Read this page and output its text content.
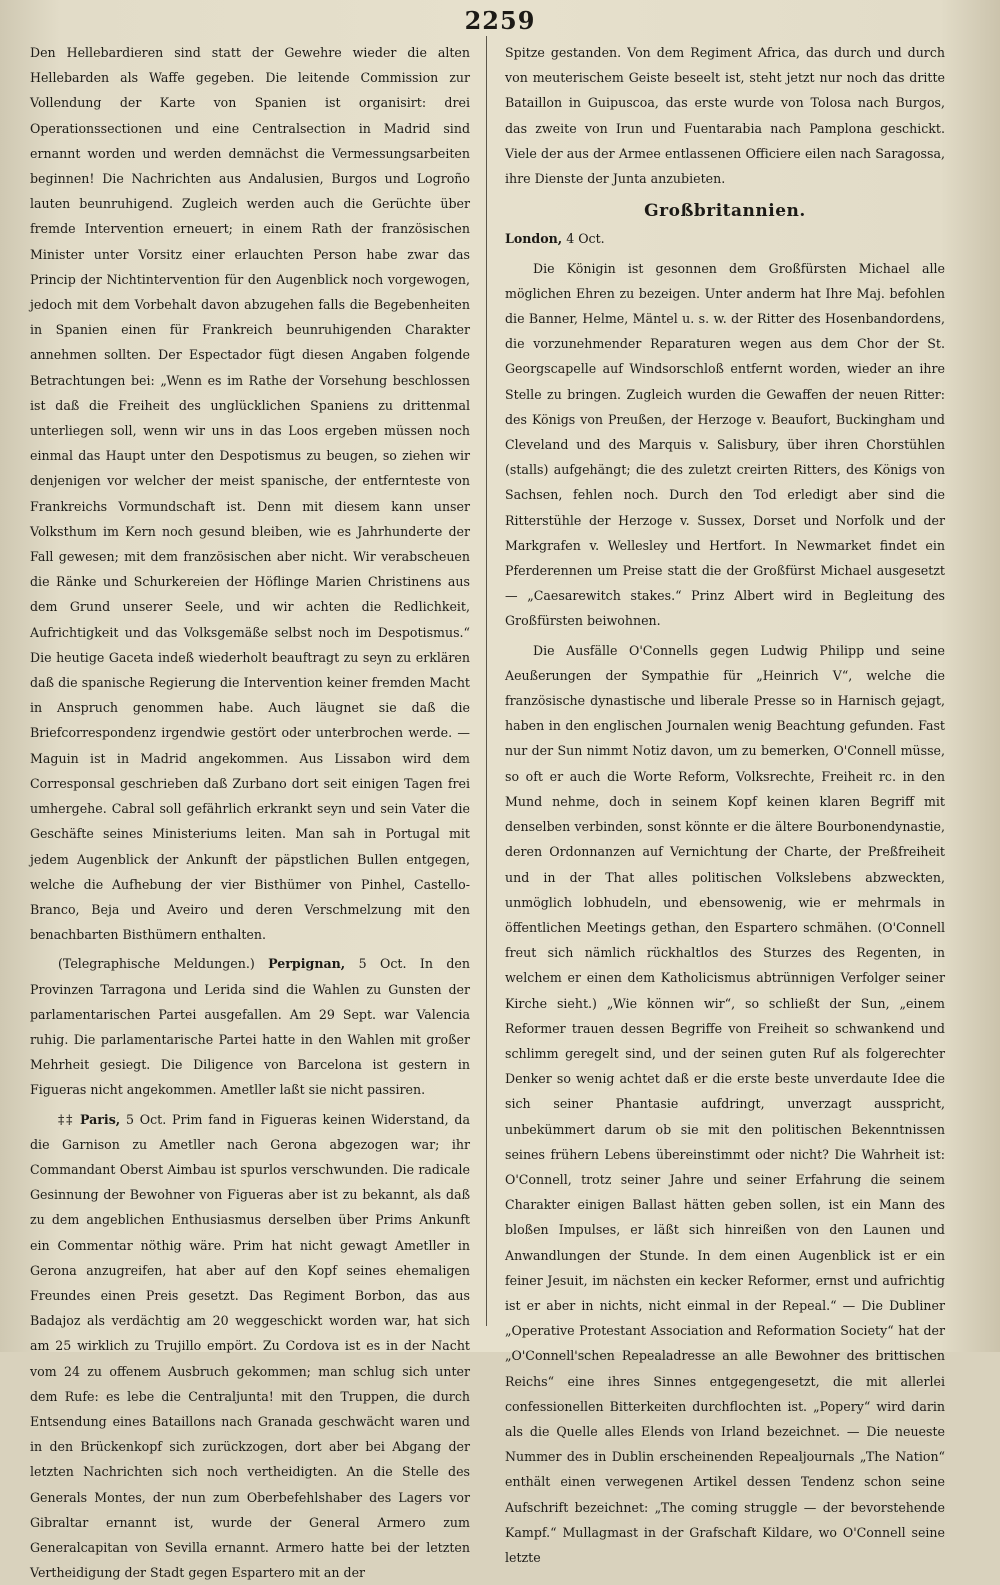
2259

Den Hellebardieren sind statt der Gewehre wieder die alten Hellebarden als Waffe gegeben. Die leitende Commission zur Vollendung der Karte von Spanien ist organisirt: drei Operationssectionen und eine Centralsection in Madrid sind ernannt worden und werden demnächst die Vermessungsarbeiten beginnen! Die Nachrichten aus Andalusien, Burgos und Logroño lauten beunruhigend. Zugleich werden auch die Gerüchte über fremde Intervention erneuert; in einem Rath der französischen Minister unter Vorsitz einer erlauchten Person habe zwar das Princip der Nichtintervention für den Augenblick noch vorgewogen, jedoch mit dem Vorbehalt davon abzugehen falls die Begebenheiten in Spanien einen für Frankreich beunruhigenden Charakter annehmen sollten. Der Espectador fügt diesen Angaben folgende Betrachtungen bei: „Wenn es im Rathe der Vorsehung beschlossen ist daß die Freiheit des unglücklichen Spaniens zu drittenmal unterliegen soll, wenn wir uns in das Loos ergeben müssen noch einmal das Haupt unter den Despotismus zu beugen, so ziehen wir denjenigen vor welcher der meist spanische, der entfernteste von Frankreichs Vormundschaft ist. Denn mit diesem kann unser Volksthum im Kern noch gesund bleiben, wie es Jahrhunderte der Fall gewesen; mit dem französischen aber nicht. Wir verabscheuen die Ränke und Schurkereien der Höflinge Marien Christinens aus dem Grund unserer Seele, und wir achten die Redlichkeit, Aufrichtigkeit und das Volksgemäße selbst noch im Despotismus.“ Die heutige Gaceta indeß wiederholt beauftragt zu seyn zu erklären daß die spanische Regierung die Intervention keiner fremden Macht in Anspruch genommen habe. Auch läugnet sie daß die Briefcorrespondenz irgendwie gestört oder unterbrochen werde. — Maguin ist in Madrid angekommen. Aus Lissabon wird dem Corresponsal geschrieben daß Zurbano dort seit einigen Tagen frei umhergehe. Cabral soll gefährlich erkrankt seyn und sein Vater die Geschäfte seines Ministeriums leiten. Man sah in Portugal mit jedem Augenblick der Ankunft der päpstlichen Bullen entgegen, welche die Aufhebung der vier Bisthümer von Pinhel, Castello-Branco, Beja und Aveiro und deren Verschmelzung mit den benachbarten Bisthümern enthalten.

(Telegraphische Meldungen.) Perpignan, 5 Oct. In den Provinzen Tarragona und Lerida sind die Wahlen zu Gunsten der parlamentarischen Partei ausgefallen. Am 29 Sept. war Valencia ruhig. Die parlamentarische Partei hatte in den Wahlen mit großer Mehrheit gesiegt. Die Diligence von Barcelona ist gestern in Figueras nicht angekommen. Ametller laßt sie nicht passiren.

‡‡ Paris, 5 Oct. Prim fand in Figueras keinen Widerstand, da die Garnison zu Ametller nach Gerona abgezogen war; ihr Commandant Oberst Aimbau ist spurlos verschwunden. Die radicale Gesinnung der Bewohner von Figueras aber ist zu bekannt, als daß zu dem angeblichen Enthusiasmus derselben über Prims Ankunft ein Commentar nöthig wäre. Prim hat nicht gewagt Ametller in Gerona anzugreifen, hat aber auf den Kopf seines ehemaligen Freundes einen Preis gesetzt. Das Regiment Borbon, das aus Badajoz als verdächtig am 20 weggeschickt worden war, hat sich am 25 wirklich zu Trujillo empört. Zu Cordova ist es in der Nacht vom 24 zu offenem Ausbruch gekommen; man schlug sich unter dem Rufe: es lebe die Centraljunta! mit den Truppen, die durch Entsendung eines Bataillons nach Granada geschwächt waren und in den Brückenkopf sich zurückzogen, dort aber bei Abgang der letzten Nachrichten sich noch vertheidigten. An die Stelle des Generals Montes, der nun zum Oberbefehlshaber des Lagers vor Gibraltar ernannt ist, wurde der General Armero zum Generalcapitan von Sevilla ernannt. Armero hatte bei der letzten Vertheidigung der Stadt gegen Espartero mit an der

Spitze gestanden. Von dem Regiment Africa, das durch und durch von meuterischem Geiste beseelt ist, steht jetzt nur noch das dritte Bataillon in Guipuscoa, das erste wurde von Tolosa nach Burgos, das zweite von Irun und Fuentarabia nach Pamplona geschickt. Viele der aus der Armee entlassenen Officiere eilen nach Saragossa, ihre Dienste der Junta anzubieten.

Großbritannien.

London, 4 Oct.

Die Königin ist gesonnen dem Großfürsten Michael alle möglichen Ehren zu bezeigen. Unter anderm hat Ihre Maj. befohlen die Banner, Helme, Mäntel u. s. w. der Ritter des Hosenbandordens, die vorzunehmender Reparaturen wegen aus dem Chor der St. Georgscapelle auf Windsorschloß entfernt worden, wieder an ihre Stelle zu bringen. Zugleich wurden die Gewaffen der neuen Ritter: des Königs von Preußen, der Herzoge v. Beaufort, Buckingham und Cleveland und des Marquis v. Salisbury, über ihren Chorstühlen (stalls) aufgehängt; die des zuletzt creirten Ritters, des Königs von Sachsen, fehlen noch. Durch den Tod erledigt aber sind die Ritterstühle der Herzoge v. Sussex, Dorset und Norfolk und der Markgrafen v. Wellesley und Hertfort. In Newmarket findet ein Pferderennen um Preise statt die der Großfürst Michael ausgesetzt — „Caesarewitch stakes.“ Prinz Albert wird in Begleitung des Großfürsten beiwohnen.

Die Ausfälle O'Connells gegen Ludwig Philipp und seine Aeußerungen der Sympathie für „Heinrich V“, welche die französische dynastische und liberale Presse so in Harnisch gejagt, haben in den englischen Journalen wenig Beachtung gefunden. Fast nur der Sun nimmt Notiz davon, um zu bemerken, O'Connell müsse, so oft er auch die Worte Reform, Volksrechte, Freiheit rc. in den Mund nehme, doch in seinem Kopf keinen klaren Begriff mit denselben verbinden, sonst könnte er die ältere Bourbonendynastie, deren Ordonnanzen auf Vernichtung der Charte, der Preßfreiheit und in der That alles politischen Volkslebens abzweckten, unmöglich lobhudeln, und ebensowenig, wie er mehrmals in öffentlichen Meetings gethan, den Espartero schmähen. (O'Connell freut sich nämlich rückhaltlos des Sturzes des Regenten, in welchem er einen dem Katholicismus abtrünnigen Verfolger seiner Kirche sieht.) „Wie können wir“, so schließt der Sun, „einem Reformer trauen dessen Begriffe von Freiheit so schwankend und schlimm geregelt sind, und der seinen guten Ruf als folgerechter Denker so wenig achtet daß er die erste beste unverdaute Idee die sich seiner Phantasie aufdringt, unverzagt ausspricht, unbekümmert darum ob sie mit den politischen Bekenntnissen seines frühern Lebens übereinstimmt oder nicht? Die Wahrheit ist: O'Connell, trotz seiner Jahre und seiner Erfahrung die seinem Charakter einigen Ballast hätten geben sollen, ist ein Mann des bloßen Impulses, er läßt sich hinreißen von den Launen und Anwandlungen der Stunde. In dem einen Augenblick ist er ein feiner Jesuit, im nächsten ein kecker Reformer, ernst und aufrichtig ist er aber in nichts, nicht einmal in der Repeal.“ — Die Dubliner „Operative Protestant Association and Reformation Society“ hat der „O'Connell'schen Repealadresse an alle Bewohner des brittischen Reichs“ eine ihres Sinnes entgegengesetzt, die mit allerlei confessionellen Bitterkeiten durchflochten ist. „Popery“ wird darin als die Quelle alles Elends von Irland bezeichnet. — Die neueste Nummer des in Dublin erscheinenden Repealjournals „The Nation“ enthält einen verwegenen Artikel dessen Tendenz schon seine Aufschrift bezeichnet: „The coming struggle — der bevorstehende Kampf.“ Mullagmast in der Grafschaft Kildare, wo O'Connell seine letzte
